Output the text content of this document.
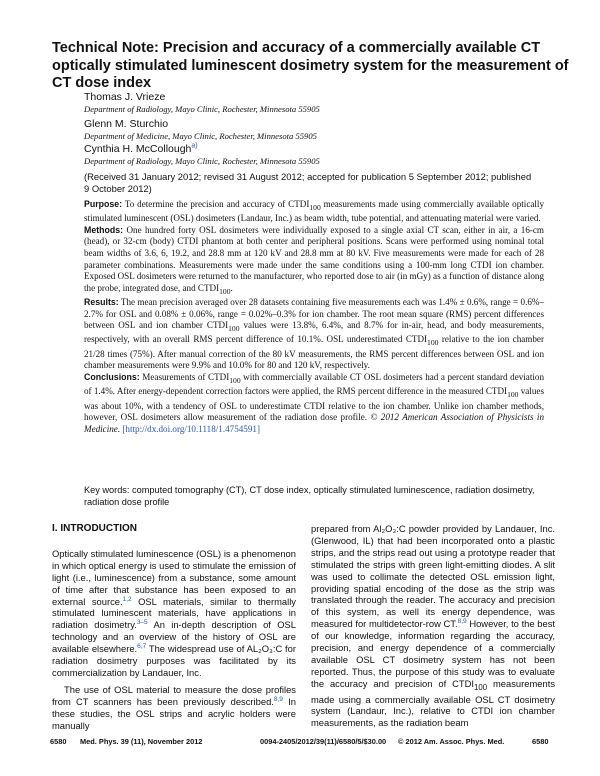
Technical Note: Precision and accuracy of a commercially available CT optically stimulated luminescent dosimetry system for the measurement of CT dose index
Thomas J. Vrieze
Department of Radiology, Mayo Clinic, Rochester, Minnesota 55905
Glenn M. Sturchio
Department of Medicine, Mayo Clinic, Rochester, Minnesota 55905
Cynthia H. McCollough$^{a)}$
Department of Radiology, Mayo Clinic, Rochester, Minnesota 55905
(Received 31 January 2012; revised 31 August 2012; accepted for publication 5 September 2012; published 9 October 2012)

Purpose: To determine the precision and accuracy of $CTDI_{100}$ measurements made using commercially available optically stimulated luminescent (OSL) dosimeters (Landaur, Inc.) as beam width, tube potential, and attenuating material were varied.

Methods: One hundred forty OSL dosimeters were individually exposed to a single axial CT scan, either in air, a 16-cm (head), or 32-cm (body) CTDI phantom at both center and peripheral positions. Scans were performed using nominal total beam widths of 3.6, 6, 19.2, and 28.8 mm at 120 kV and 28.8 mm at 80 kV. Five measurements were made for each of 28 parameter combinations. Measurements were made under the same conditions using a 100-mm long CTDI ion chamber. Exposed OSL dosimeters were returned to the manufacturer, who reported dose to air (in mGy) as a function of distance along the probe, integrated dose, and $CTDI_{100}$.

Results: The mean precision averaged over 28 datasets containing five measurements each was 1.4% ± 0.6%, range = 0.6%–2.7% for OSL and 0.08% ± 0.06%, range = 0.02%–0.3% for ion chamber. The root mean square (RMS) percent differences between OSL and ion chamber $CTDI_{100}$ values were 13.8%, 6.4%, and 8.7% for in-air, head, and body measurements, respectively, with an overall RMS percent difference of 10.1%. OSL underestimated $CTDI_{100}$ relative to the ion chamber 21/28 times (75%). After manual correction of the 80 kV measurements, the RMS percent differences between OSL and ion chamber measurements were 9.9% and 10.0% for 80 and 120 kV, respectively.

Conclusions: Measurements of $CTDI_{100}$ with commercially available CT OSL dosimeters had a percent standard deviation of 1.4%. After energy-dependent correction factors were applied, the RMS percent difference in the measured $CTDI_{100}$ values was about 10%, with a tendency of OSL to underestimate CTDI relative to the ion chamber. Unlike ion chamber methods, however, OSL dosimeters allow measurement of the radiation dose profile. © 2012 American Association of Physicists in Medicine. [http://dx.doi.org/10.1118/1.4754591]

Key words: computed tomography (CT), CT dose index, optically stimulated luminescence, radiation dosimetry, radiation dose profile
I. INTRODUCTION

Optically stimulated luminescence (OSL) is a phenomenon in which optical energy is used to stimulate the emission of light (i.e., luminescence) from a substance, some amount of time after that substance has been exposed to an external source.$^{1,2}$ OSL materials, similar to thermally stimulated luminescent materials, have applications in radiation dosimetry.$^{3-5}$ An in-depth description of OSL technology and an overview of the history of OSL are available elsewhere.$^{6,7}$ The widespread use of AL₂O₃:C for radiation dosimetry purposes was facilitated by its commercialization by Landauer, Inc.

The use of OSL material to measure the dose profiles from CT scanners has been previously described.$^{8,9}$ In these studies, the OSL strips and acrylic holders were manually

prepared from Al₂O₃:C powder provided by Landauer, Inc. (Glenwood, IL) that had been incorporated onto a plastic strips, and the strips read out using a prototype reader that stimulated the strips with green light-emitting diodes. A slit was used to collimate the detected OSL emission light, providing spatial encoding of the dose as the strip was translated through the reader. The accuracy and precision of this system, as well its energy dependence, was measured for multidetector-row CT.$^{8,9}$ However, to the best of our knowledge, information regarding the accuracy, precision, and energy dependence of a commercially available OSL CT dosimetry system has not been reported. Thus, the purpose of this study was to evaluate the accuracy and precision of $CTDI_{100}$ measurements made using a commercially available OSL CT dosimetry system (Landaur, Inc.), relative to CTDI ion chamber measurements, as the radiation beam

6580 Med. Phys. 39 (11), November 2012	0094-2405/2012/39(11)/6580/5/$30.00 © 2012 Am. Assoc. Phys. Med.	6580
